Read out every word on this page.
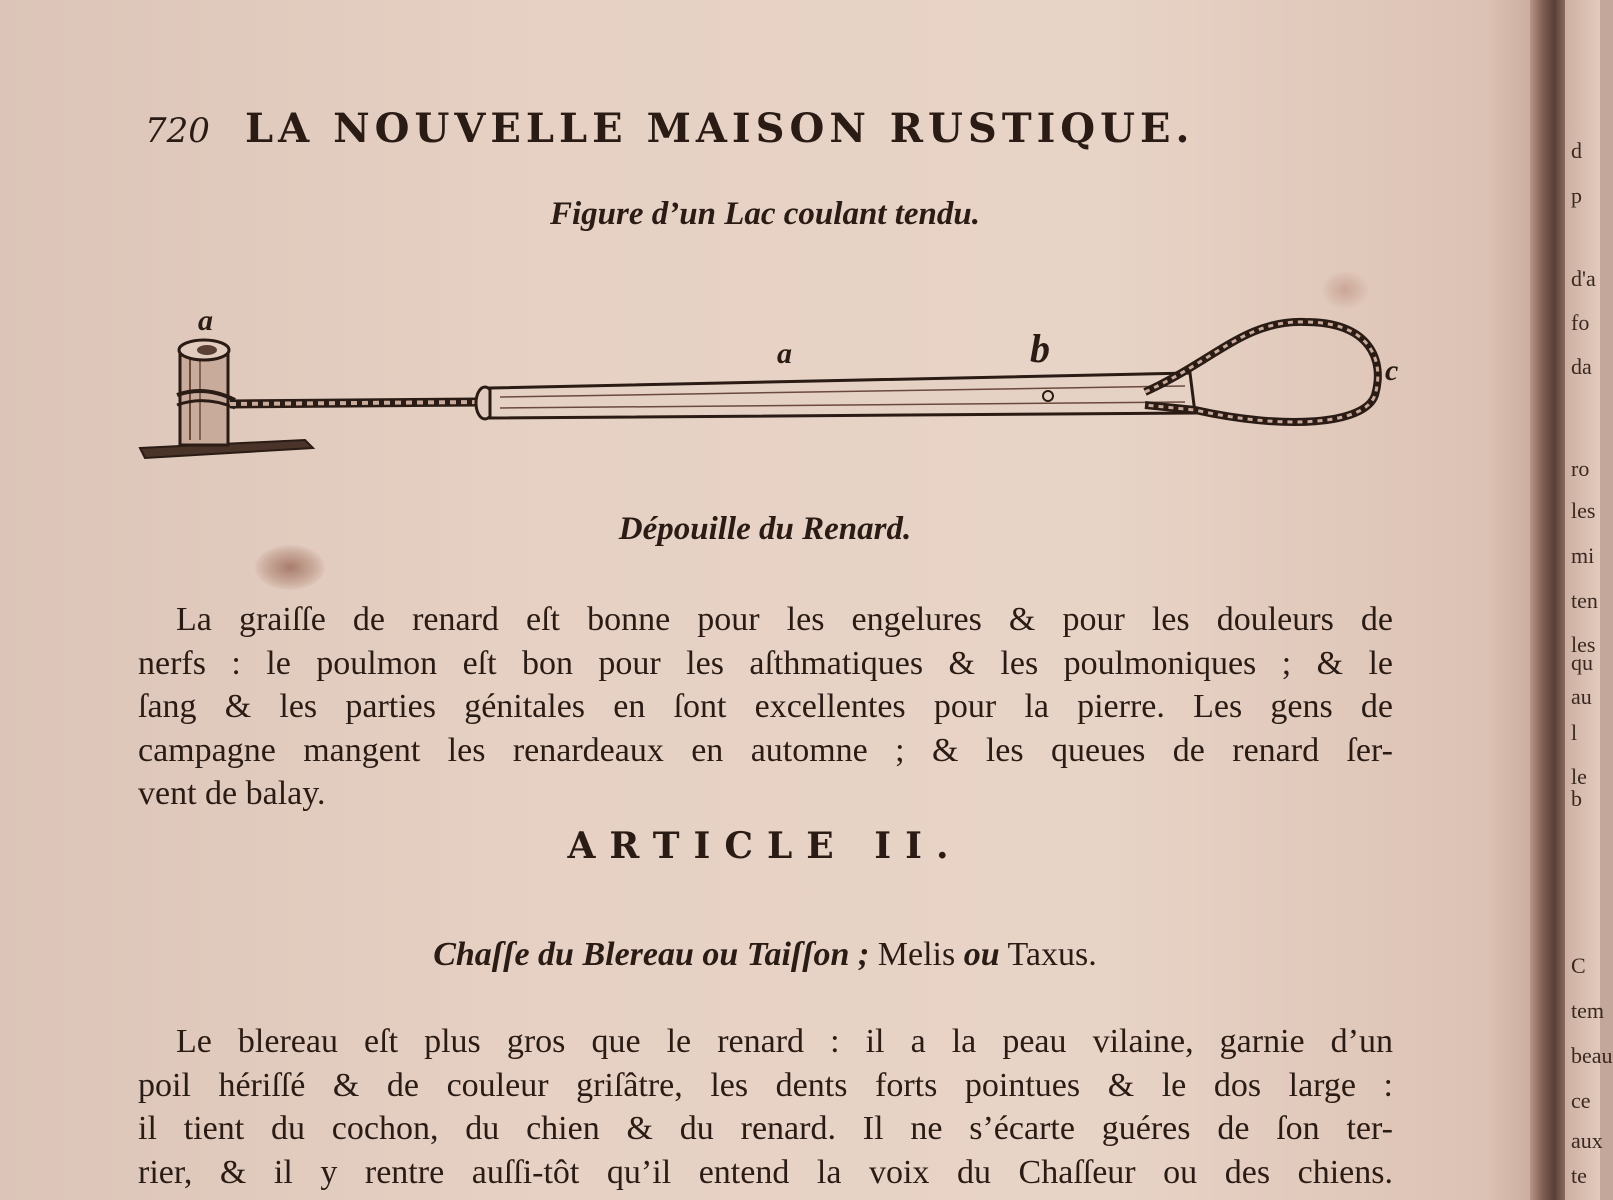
720 LA NOUVELLE MAISON RUSTIQUE.
Figure d’un Lac coulant tendu.
a
a	b	c
Dépouille du Renard.
La graiſſe de renard eſt bonne pour les engelures & pour les douleurs de
nerfs : le poulmon eſt bon pour les aſthmatiques & les poulmoniques ; & le
ſang & les parties génitales en ſont excellentes pour la pierre. Les gens de
campagne mangent les renardeaux en automne ; & les queues de renard ſer-
vent de balay.
ARTICLE II.
Chaſſe du Blereau ou Taiſſon ; Melis ou Taxus.
Le blereau eſt plus gros que le renard : il a la peau vilaine, garnie d’un
poil hériſſé & de couleur griſâtre, les dents forts pointues & le dos large :
il tient du cochon, du chien & du renard. Il ne s’écarte guéres de ſon ter-
rier, & il y rentre auſſi-tôt qu’il entend la voix du Chaſſeur ou des chiens.
d
p
d'a
fo
da
ro
les
mi
ten
les
qu
au
l
le b
C
tem
beau
ce
aux
te
